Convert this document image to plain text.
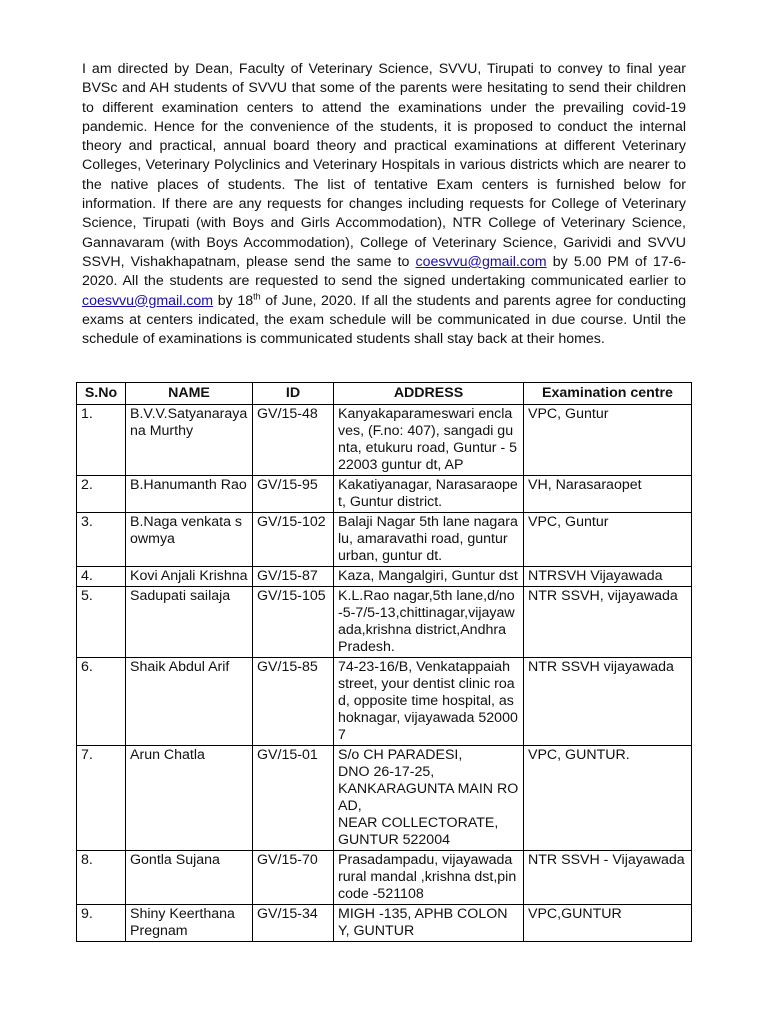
I am directed by Dean, Faculty of Veterinary Science, SVVU, Tirupati to convey to final year BVSc and AH students of SVVU that some of the parents were hesitating to send their children to different examination centers to attend the examinations under the prevailing covid-19 pandemic. Hence for the convenience of the students, it is proposed to conduct the internal theory and practical, annual board theory and practical examinations at different Veterinary Colleges, Veterinary Polyclinics and Veterinary Hospitals in various districts which are nearer to the native places of students. The list of tentative Exam centers is furnished below for information. If there are any requests for changes including requests for College of Veterinary Science, Tirupati (with Boys and Girls Accommodation), NTR College of Veterinary Science, Gannavaram (with Boys Accommodation), College of Veterinary Science, Garividi and SVVU SSVH, Vishakhapatnam, please send the same to coesvvu@gmail.com by 5.00 PM of 17-6-2020. All the students are requested to send the signed undertaking communicated earlier to coesvvu@gmail.com by 18th of June, 2020. If all the students and parents agree for conducting exams at centers indicated, the exam schedule will be communicated in due course. Until the schedule of examinations is communicated students shall stay back at their homes.
S.No	NAME	ID	ADDRESS	Examination centre
1.	B.V.V.Satyanarayana Murthy	GV/15-48	Kanyakaparameswari enclaves, (F.no: 407), sangadi gunta, etukuru road, Guntur - 522003 guntur dt, AP	VPC, Guntur
2.	B.Hanumanth Rao	GV/15-95	Kakatiyanagar, Narasaraopet, Guntur district.	VH, Narasaraopet
3.	B.Naga venkata sowmya	GV/15-102	Balaji Nagar 5th lane nagaralu, amaravathi road, guntur urban, guntur dt.	VPC, Guntur
4.	Kovi Anjali Krishna	GV/15-87	Kaza, Mangalgiri, Guntur dst	NTRSVH Vijayawada
5.	Sadupati sailaja	GV/15-105	K.L.Rao nagar,5th lane,d/no-5-7/5-13,chittinagar,vijayawada,krishna district,Andhra Pradesh.	NTR SSVH, vijayawada
6.	Shaik Abdul Arif	GV/15-85	74-23-16/B, Venkatappaiah street, your dentist clinic road, opposite time hospital, ashoknagar, vijayawada 520007	NTR SSVH vijayawada
7.	Arun Chatla	GV/15-01	S/o CH PARADESI,
DNO 26-17-25,
KANKARAGUNTA MAIN ROAD,
NEAR COLLECTORATE,
GUNTUR 522004	VPC, GUNTUR.
8.	Gontla Sujana	GV/15-70	Prasadampadu, vijayawada rural mandal ,krishna dst,pin code -521108	NTR SSVH - Vijayawada
9.	Shiny Keerthana Pregnam	GV/15-34	MIGH -135, APHB COLONY, GUNTUR	VPC,GUNTUR
